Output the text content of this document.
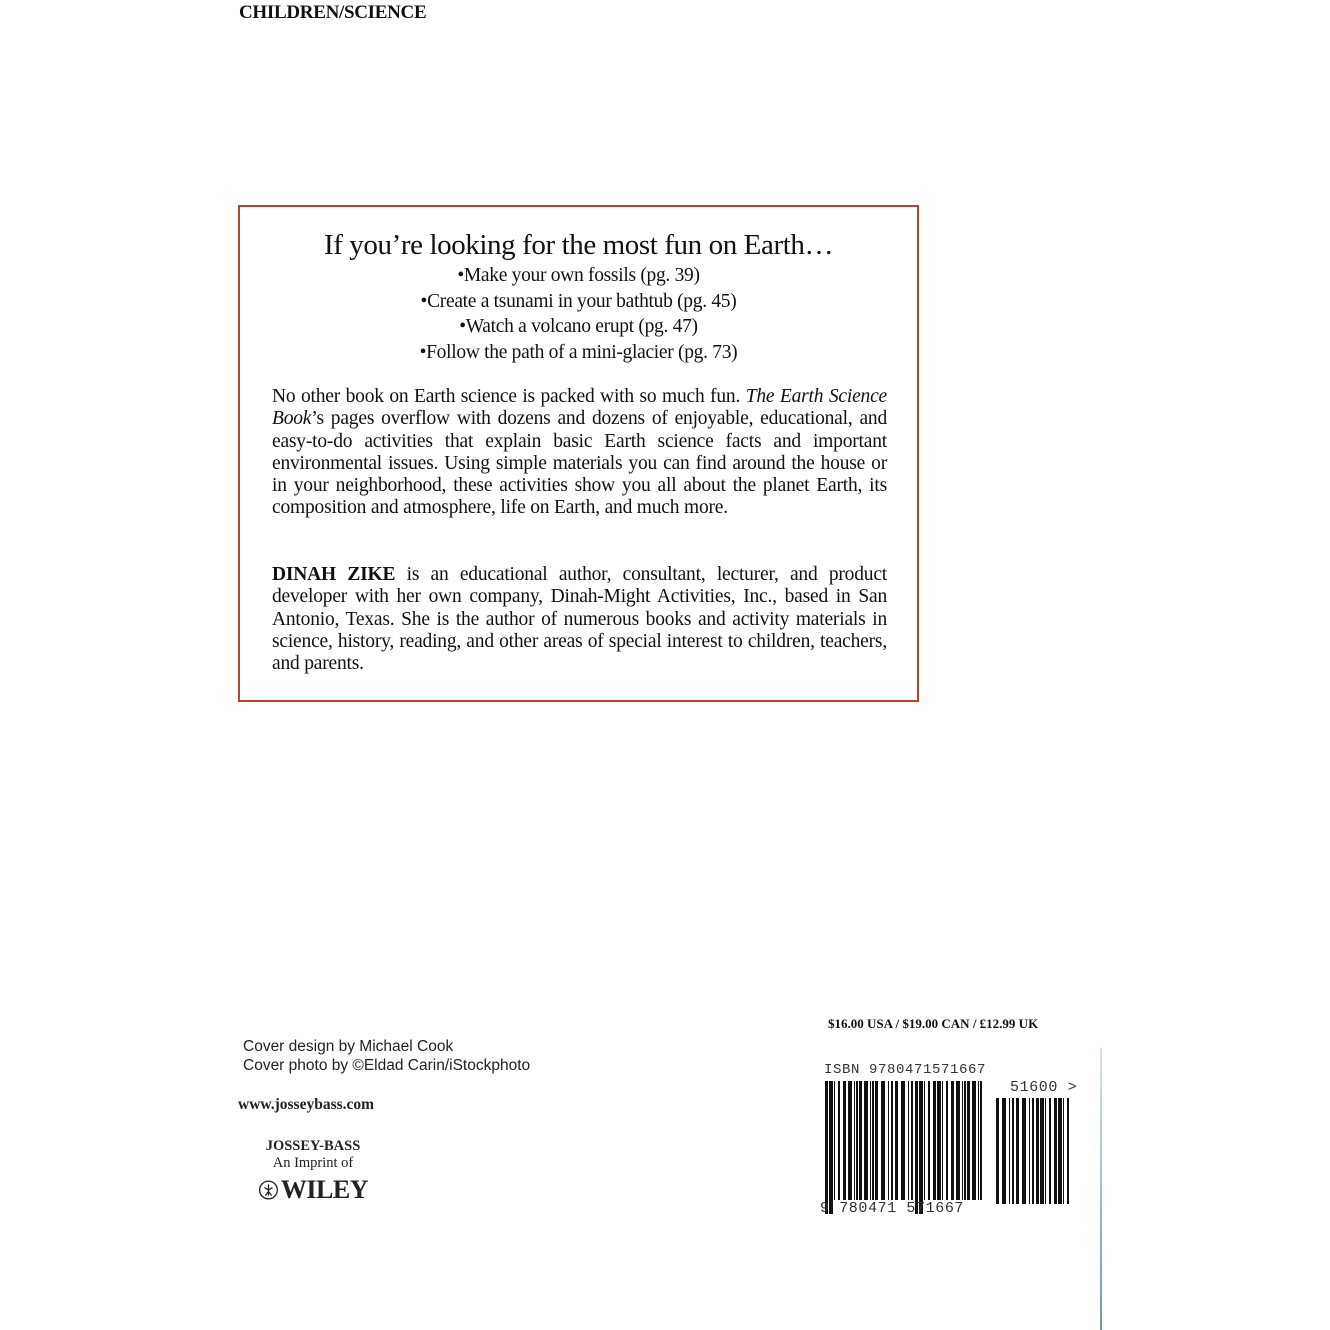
CHILDREN/SCIENCE
If you’re looking for the most fun on Earth…
•Make your own fossils (pg. 39)
•Create a tsunami in your bathtub (pg. 45)
•Watch a volcano erupt (pg. 47)
•Follow the path of a mini-glacier (pg. 73)

No other book on Earth science is packed with so much fun. The Earth Science Book’s pages overflow with dozens and dozens of enjoyable, educational, and easy-to-do activities that explain basic Earth science facts and important environmental issues. Using simple materials you can find around the house or in your neighborhood, these activities show you all about the planet Earth, its composition and atmosphere, life on Earth, and much more.

DINAH ZIKE is an educational author, consultant, lecturer, and product developer with her own company, Dinah-Might Activities, Inc., based in San Antonio, Texas. She is the author of numerous books and activity materials in science, history, reading, and other areas of special interest to children, teachers, and parents.

Cover design by Michael Cook
Cover photo by ©Eldad Carin/iStockphoto
www.josseybass.com
JOSSEY-BASS
An Imprint of
WILEY
$16.00 USA / $19.00 CAN / £12.99 UK
ISBN 9780471571667
51600 >
9 780471 571667
